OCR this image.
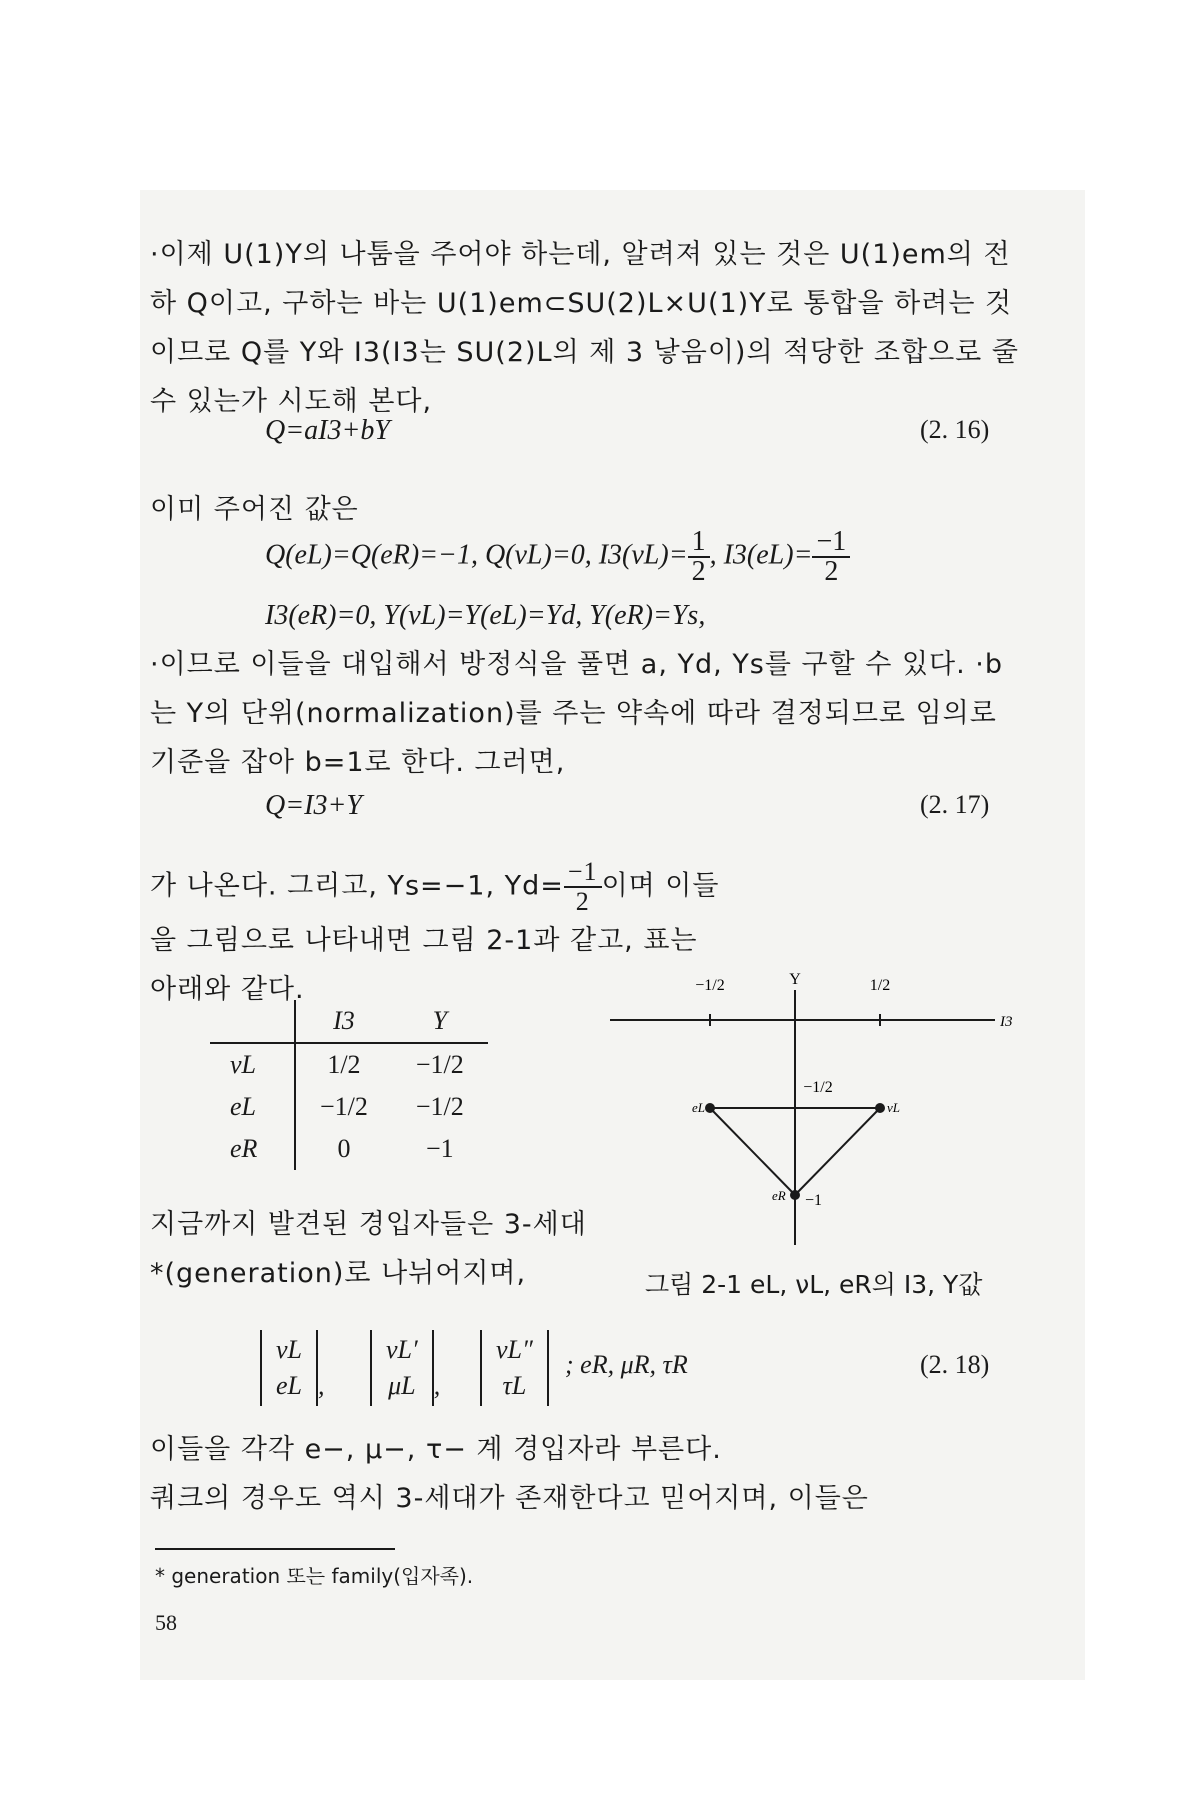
·이제 U(1)Y의 나툼을 주어야 하는데, 알려져 있는 것은 U(1)em의 전하 Q이고, 구하는 바는 U(1)em⊂SU(2)L×U(1)Y로 통합을 하려는 것이므로 Q를 Y와 I3(I3는 SU(2)L의 제 3 낳음이)의 적당한 조합으로 줄 수 있는가 시도해 본다,
Q=aI3+bY	(2. 16)
이미 주어진 값은
Q(eL)=Q(eR)=−1, Q(νL)=0, $I3(\nu L)= \frac{1}{2}$ , $I3(eL)= \frac{-1}{2}$
I3(eR)=0, Y(νL)=Y(eL)=Yd, Y(eR)=Ys,
·이므로 이들을 대입해서 방정식을 풀면 a, Yd, Ys를 구할 수 있다. ·b는 Y의 단위(normalization)를 주는 약속에 따라 결정되므로 임의로 기준을 잡아 b=1로 한다. 그러면,
Q=I3+Y	(2. 17)
가 나온다. 그리고, Ys=−1, $Yd= \frac{-1}{2}$ 이며 이들을 그림으로 나타내면 그림 2-1과 같고, 표는 아래와 같다.
	I3	Y
νL	1/2	−1/2
eL	−1/2	−1/2
eR	0	−1
Y
I3
−1/2	1/2
−1/2
eL	νL
eR −1
지금까지 발견된 경입자들은 3-세대*(generation)로 나뉘어지며,	그림 2-1 eL, νL, eR의 I3, Y값
νL
eL ,
νL′
μL ,
νL″
τL
; eR, μR, τR	(2. 18)
이들을 각각 e−, μ−, τ− 계 경입자라 부른다.
쿼크의 경우도 역시 3-세대가 존재한다고 믿어지며, 이들은
* generation 또는 family(입자족).
58
